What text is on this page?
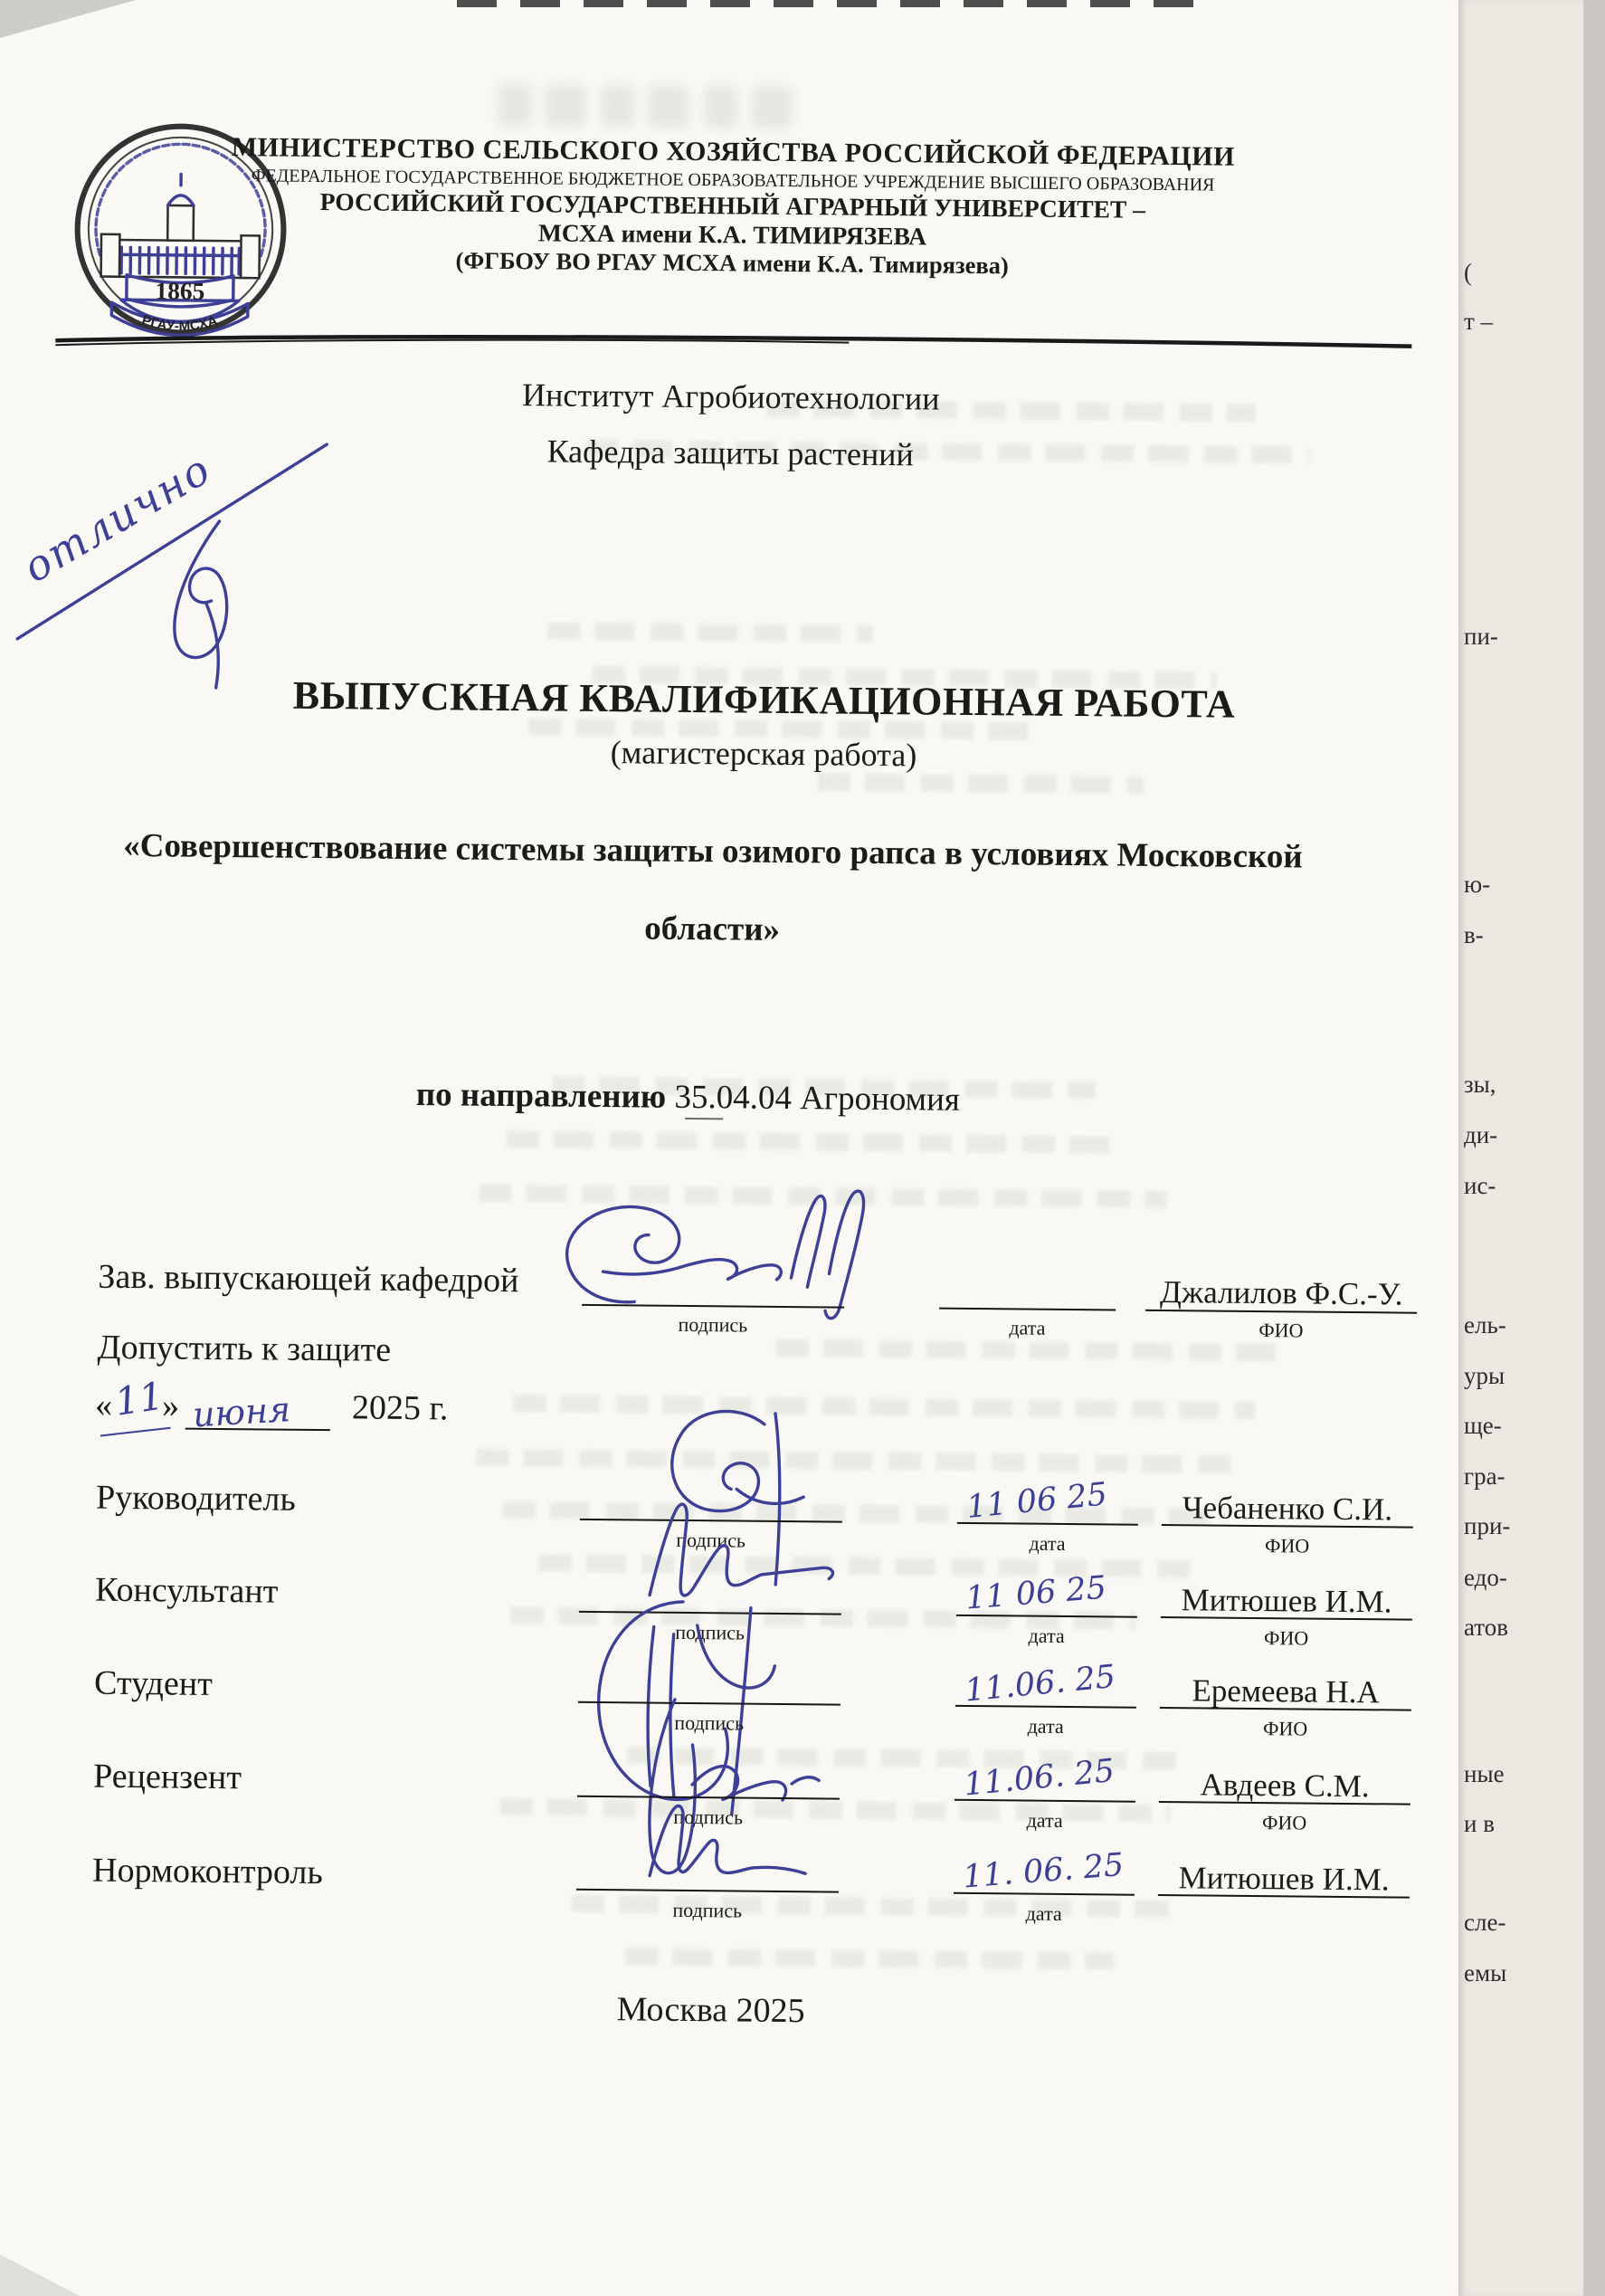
(
т –
пи-
ю-
в-
зы,
ди-
ис-
ель-
уры
ще-
гра-
при-
едо-
атов
ные
и в
сле-
емы
1865
РГАУ-МСХА
МИНИСТЕРСТВО СЕЛЬСКОГО ХОЗЯЙСТВА РОССИЙСКОЙ ФЕДЕРАЦИИ
ФЕДЕРАЛЬНОЕ ГОСУДАРСТВЕННОЕ БЮДЖЕТНОЕ ОБРАЗОВАТЕЛЬНОЕ УЧРЕЖДЕНИЕ ВЫСШЕГО ОБРАЗОВАНИЯ
РОССИЙСКИЙ ГОСУДАРСТВЕННЫЙ АГРАРНЫЙ УНИВЕРСИТЕТ –
МСХА имени К.А. ТИМИРЯЗЕВА
(ФГБОУ ВО РГАУ МСХА имени К.А. Тимирязева)
отлично
Институт Агробиотехнологии
Кафедра защиты растений
ВЫПУСКНАЯ КВАЛИФИКАЦИОННАЯ РАБОТА
(магистерская работа)
«Совершенствование системы защиты озимого рапса в условиях Московской
области»
по направлению 35.04.04 Агрономия
Зав. выпускающей кафедрой	Джалилов Ф.С.-У.
подпись	дата	ФИО
Допустить к защите
« 11
» июня 2025 г.
Руководитель	11 06 25	Чебаненко С.И.
подпись	дата	ФИО
Консультант	11 06 25	Митюшев И.М.
подпись	дата	ФИО
Студент	11.06. 25	Еремеева Н.А
подпись	дата	ФИО
Рецензент	11.06. 25	Авдеев С.М.
подпись	дата	ФИО
Нормоконтроль	11. 06. 25	Митюшев И.М.
подпись	дата
Москва 2025
